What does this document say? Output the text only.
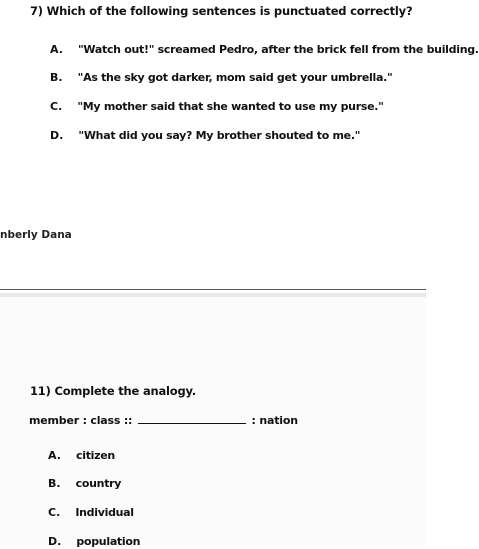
7) Which of the following sentences is punctuated correctly?
A. "Watch out!" screamed Pedro, after the brick fell from the building.
B. "As the sky got darker, mom said get your umbrella."
C. "My mother said that she wanted to use my purse."
D. "What did you say? My brother shouted to me."
nberly Dana
11) Complete the analogy.
member : class ::	: nation
A. citizen
B. country
C. Individual
D. population
